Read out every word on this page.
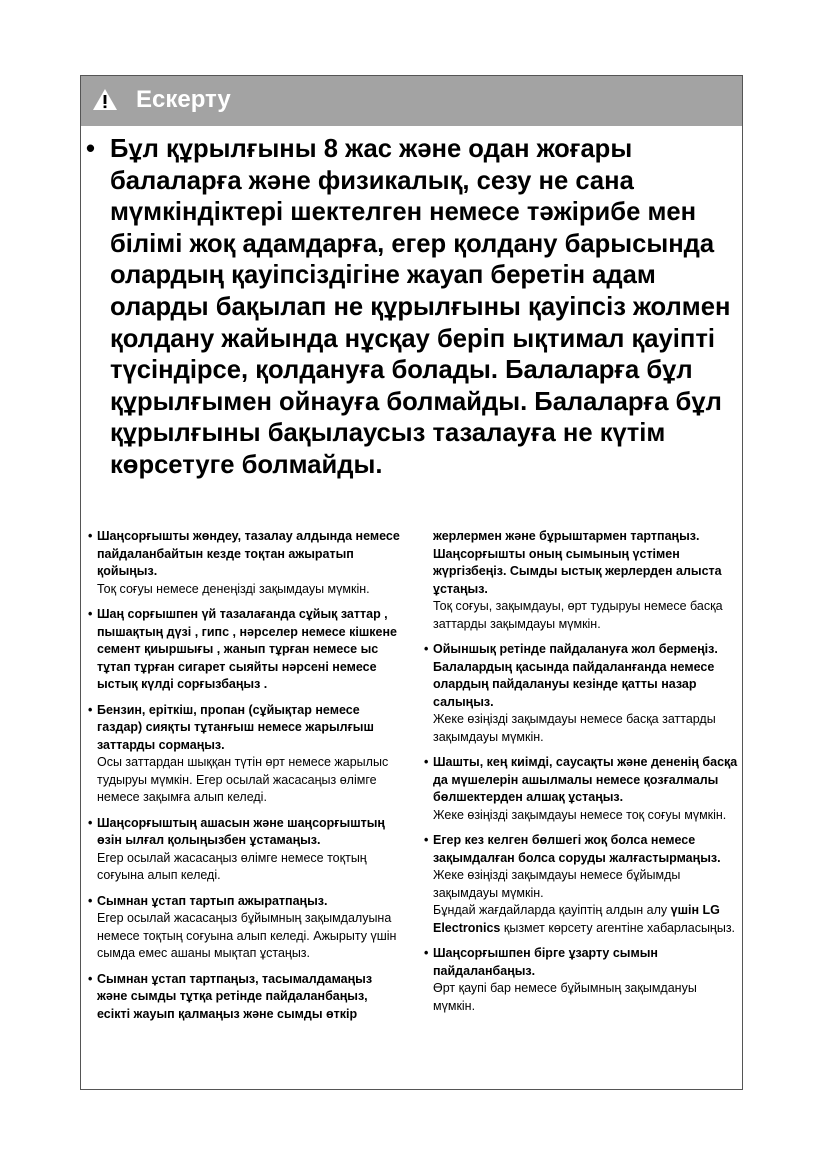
Ескерту
• Бұл құрылғыны 8 жас және одан жоғары балаларға және физикалық, сезу не сана мүмкіндіктері шектелген немесе тәжірибе мен білімі жоқ адамдарға, егер қолдану барысында олардың қауіпсіздігіне жауап беретін адам оларды бақылап не құрылғыны қауіпсіз жолмен қолдану жайында нұсқау беріп ықтимал қауіпті түсіндірсе, қолдануға болады. Балаларға бұл құрылғымен ойнауға болмайды. Балаларға бұл құрылғыны бақылаусыз тазалауға не күтім көрсетуге болмайды.
• Шаңсорғышты жөндеу, тазалау алдында немесе пайдаланбайтын кезде тоқтан ажыратып қойыңыз.
Тоқ соғуы немесе денеңізді зақымдауы мүмкін.
• Шаң сорғышпен үй тазалағанда сұйық заттар , пышақтың дүзі , гипс , нәрселер немесе кішкене семент қиыршығы , жанып тұрған немесе ыс тұтап тұрған сигарет сыяйты нәрсені немесе ыстық күлді сорғызбаңыз .
• Бензин, еріткіш, пропан (сұйықтар немесе газдар) сияқты тұтанғыш немесе жарылғыш заттарды сормаңыз.
Осы заттардан шыққан түтін өрт немесе жарылыс тудыруы мүмкін. Егер осылай жасасаңыз өлімге немесе зақымға алып келеді.
• Шаңсорғыштың ашасын және шаңсорғыштың өзін ылғал қолыңызбен ұстамаңыз.
Егер осылай жасасаңыз өлімге немесе тоқтың соғуына алып келеді.
• Сымнан ұстап тартып ажыратпаңыз.
Егер осылай жасасаңыз бұйымның зақымдалуына немесе тоқтың соғуына алып келеді. Ажырыту үшін сымда емес ашаны мықтап ұстаңыз.
• Сымнан ұстап тартпаңыз, тасымалдамаңыз және сымды тұтқа ретінде пайдаланбаңыз, есікті жауып қалмаңыз және сымды өткір
жерлермен және бұрыштармен тартпаңыз. Шаңсорғышты оның сымының үстімен жүргізбеңіз. Сымды ыстық жерлерден алыста ұстаңыз.
Тоқ соғуы, зақымдауы, өрт тудыруы немесе басқа заттарды зақымдауы мүмкін.
• Ойыншық ретінде пайдалануға жол бермеңіз. Балалардың қасында пайдаланғанда немесе олардың пайдалануы кезінде қатты назар салыңыз.
Жеке өзіңізді зақымдауы немесе басқа заттарды зақымдауы мүмкін.
• Шашты, кең киімді, саусақты және дененің басқа да мүшелерін ашылмалы немесе қозғалмалы бөлшектерден алшақ ұстаңыз.
Жеке өзіңізді зақымдауы немесе тоқ соғуы мүмкін.
• Егер кез келген бөлшегі жоқ болса немесе зақымдалған болса соруды жалғастырмаңыз.
Жеке өзіңізді зақымдауы немесе бұйымды зақымдауы мүмкін.
Бұндай жағдайларда қауіптің алдын алу үшін LG Electronics қызмет көрсету агентіне хабарласыңыз.
• Шаңсорғышпен бірге ұзарту сымын пайдаланбаңыз.
Өрт қаупі бар немесе бұйымның зақымдануы мүмкін.
